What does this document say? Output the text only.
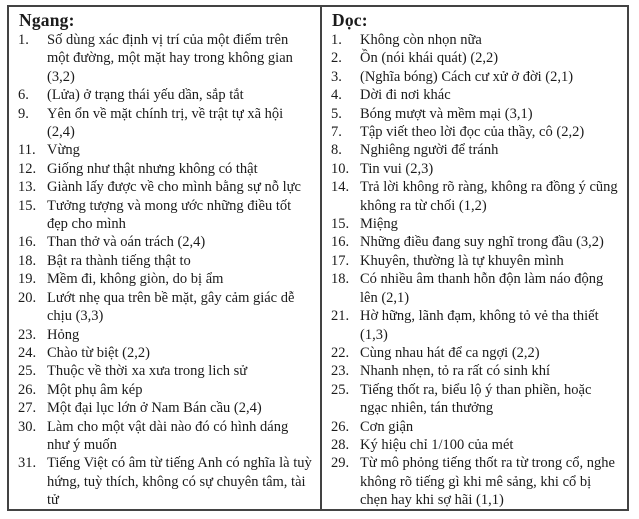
Ngang:
1.	Số dùng xác định vị trí của một điểm trên một đường, một mặt hay trong không gian (3,2)
6.	(Lửa) ở trạng thái yếu dần, sắp tắt
9.	Yên ổn về mặt chính trị, về trật tự xã hội (2,4)
11. Vừng
12. Giống như thật nhưng không có thật
13. Giành lấy được về cho mình bằng sự nỗ lực
15. Tưởng tượng và mong ước những điều tốt đẹp cho mình
16. Than thở và oán trách (2,4)
18. Bật ra thành tiếng thật to
19. Mềm đi, không giòn, do bị ẩm
20. Lướt nhẹ qua trên bề mặt, gây cảm giác dễ chịu (3,3)
23. Hỏng
24. Chào từ biệt (2,2)
25. Thuộc về thời xa xưa trong lich sử
26. Một phụ âm kép
27. Một đại lục lớn ở Nam Bán cầu (2,4)
30. Làm cho một vật dài nào đó có hình dáng như ý muốn
31. Tiếng Việt có âm từ tiếng Anh có nghĩa là tuỳ hứng, tuỳ thích, không có sự chuyên tâm, tài tử
Dọc:
1.	Không còn nhọn nữa
2.	Ồn (nói khái quát) (2,2)
3.	(Nghĩa bóng) Cách cư xử ở đời (2,1)
4.	Dời đi nơi khác
5.	Bóng mượt và mềm mại (3,1)
7.	Tập viết theo lời đọc của thầy, cô (2,2)
8.	Nghiêng người để tránh
10. Tin vui (2,3)
14. Trả lời không rõ ràng, không ra đồng ý cũng không ra từ chối (1,2)
15. Miệng
16. Những điều đang suy nghĩ trong đầu (3,2)
17. Khuyên, thường là tự khuyên mình
18. Có nhiều âm thanh hỗn độn làm náo động lên (2,1)
21. Hờ hững, lãnh đạm, không tỏ vẻ tha thiết (1,3)
22. Cùng nhau hát để ca ngợi (2,2)
23. Nhanh nhẹn, tỏ ra rất có sinh khí
25. Tiếng thốt ra, biểu lộ ý than phiền, hoặc ngạc nhiên, tán thưởng
26. Cơn giận
28. Ký hiệu chỉ 1/100 của mét
29. Từ mô phỏng tiếng thốt ra từ trong cổ, nghe không rõ tiếng gì khi mê sảng, khi cổ bị chẹn hay khi sợ hãi (1,1)
